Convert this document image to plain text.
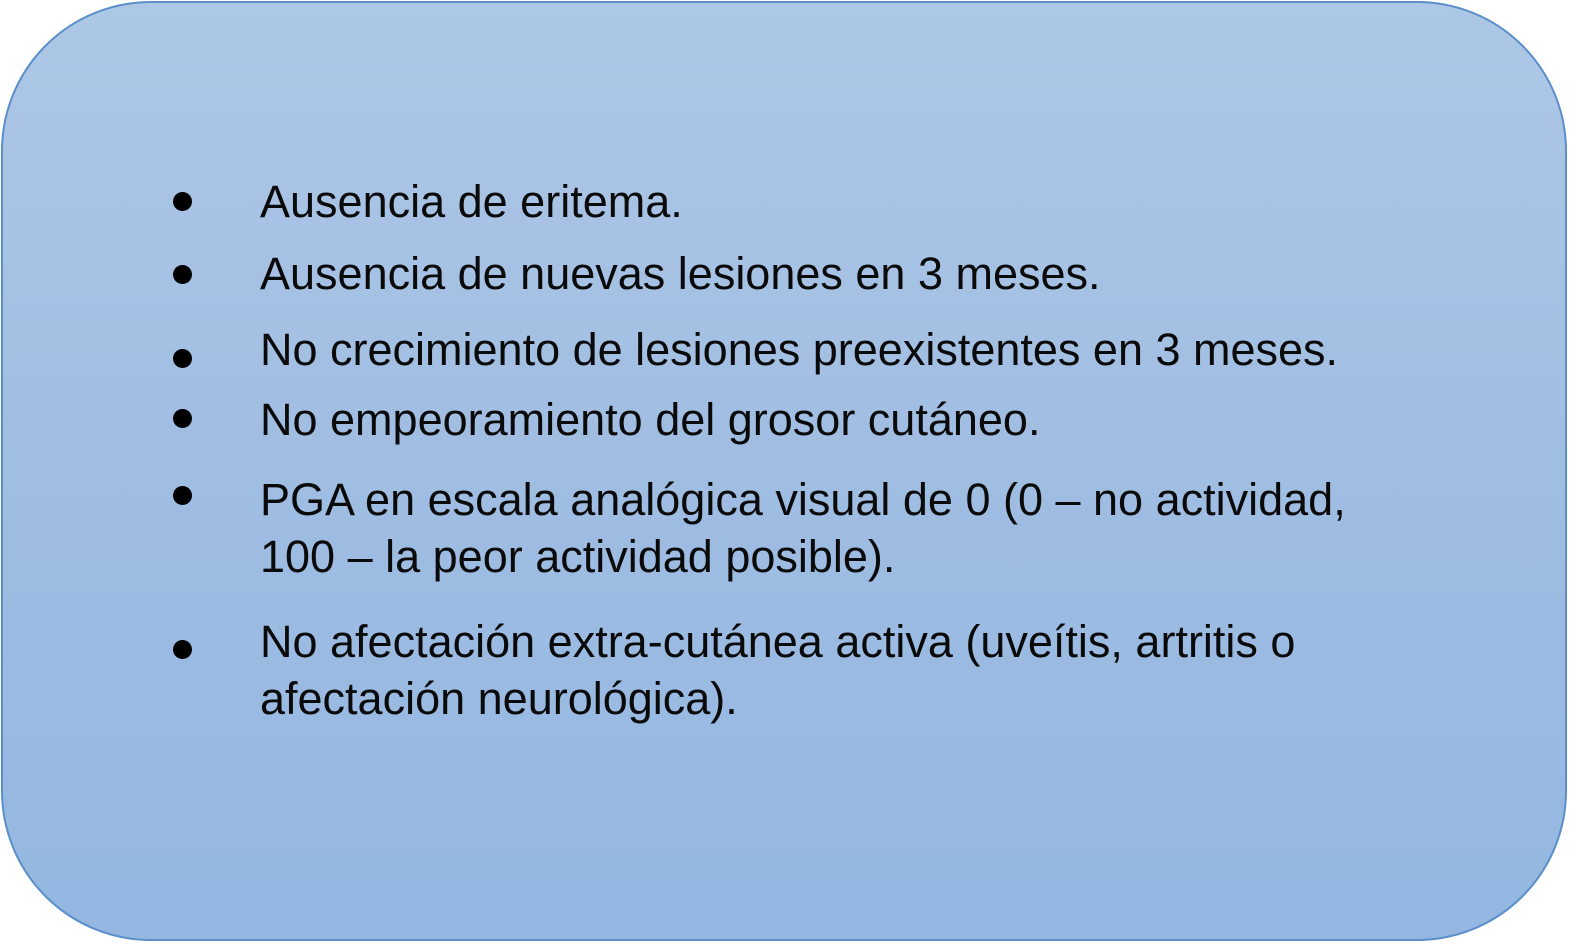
Ausencia de eritema.
Ausencia de nuevas lesiones en 3 meses.
No crecimiento de lesiones preexistentes en 3 meses.
No empeoramiento del grosor cutáneo.
PGA en escala analógica visual de 0 (0 – no actividad,
100 – la peor actividad posible).
No afectación extra-cutánea activa (uveítis, artritis o
afectación neurológica).
